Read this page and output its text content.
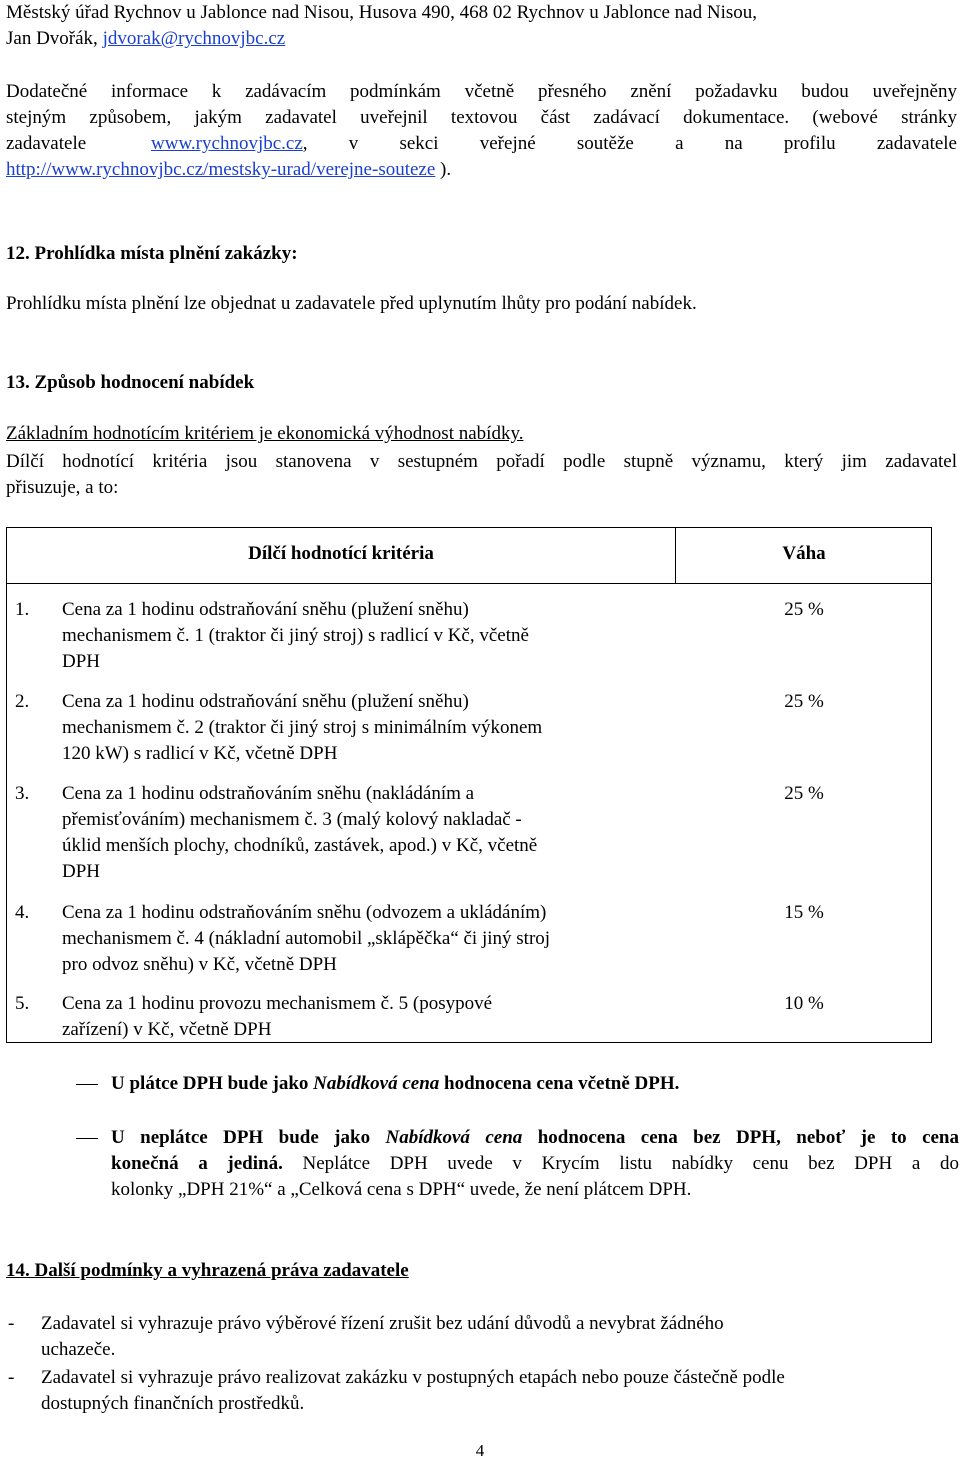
Městský úřad Rychnov u Jablonce nad Nisou, Husova 490, 468 02 Rychnov u Jablonce nad Nisou,

Jan Dvořák, jdvorak@rychnovjbc.cz

Dodatečné informace k zadávacím podmínkám včetně přesného znění požadavku budou uveřejněny

stejným způsobem, jakým zadavatel uveřejnil textovou část zadávací dokumentace. (webové stránky

zadavatele	www.rychnovjbc.cz , v sekci veřejné soutěže a na profilu zadavatele

http://www.rychnovjbc.cz/mestsky-urad/verejne-souteze ).

12. Prohlídka místa plnění zakázky:

Prohlídku místa plnění lze objednat u zadavatele před uplynutím lhůty pro podání nabídek.

13. Způsob hodnocení nabídek

Základním hodnotícím kritériem je ekonomická výhodnost nabídky.

Dílčí hodnotící kritéria jsou stanovena v sestupném pořadí podle stupně významu, který jim zadavatel

přisuzuje, a to:

Dílčí hodnotící kritéria	Váha
1. Cena za 1 hodinu odstraňování sněhu (plužení sněhu)
mechanismem č. 1 (traktor či jiný stroj) s radlicí v Kč, včetně
DPH
25 %
2. Cena za 1 hodinu odstraňování sněhu (plužení sněhu)
mechanismem č. 2 (traktor či jiný stroj s minimálním výkonem
120 kW) s radlicí v Kč, včetně DPH
25 %
3. Cena za 1 hodinu odstraňováním sněhu (nakládáním a
přemisťováním) mechanismem č. 3 (malý kolový nakladač -
úklid menších plochy, chodníků, zastávek, apod.) v Kč, včetně
DPH
25 %
4. Cena za 1 hodinu odstraňováním sněhu (odvozem a ukládáním)
mechanismem č. 4 (nákladní automobil „sklápěčka“ či jiný stroj
pro odvoz sněhu) v Kč, včetně DPH
15 %
5. Cena za 1 hodinu provozu mechanismem č. 5 (posypové
zařízení) v Kč, včetně DPH
10 %

U plátce DPH bude jako Nabídková cena hodnocena cena včetně DPH.

U neplátce DPH bude jako Nabídková cena hodnocena cena bez DPH, neboť je to cena

konečná a jediná. Neplátce DPH uvede v Krycím listu nabídky cenu bez DPH a do

kolonky „DPH 21%“ a „Celková cena s DPH“ uvede, že není plátcem DPH.

14. Další podmínky a vyhrazená práva zadavatele

- Zadavatel si vyhrazuje právo výběrové řízení zrušit bez udání důvodů a nevybrat žádného

uchazeče.

- Zadavatel si vyhrazuje právo realizovat zakázku v postupných etapách nebo pouze částečně podle

dostupných finančních prostředků.

4
